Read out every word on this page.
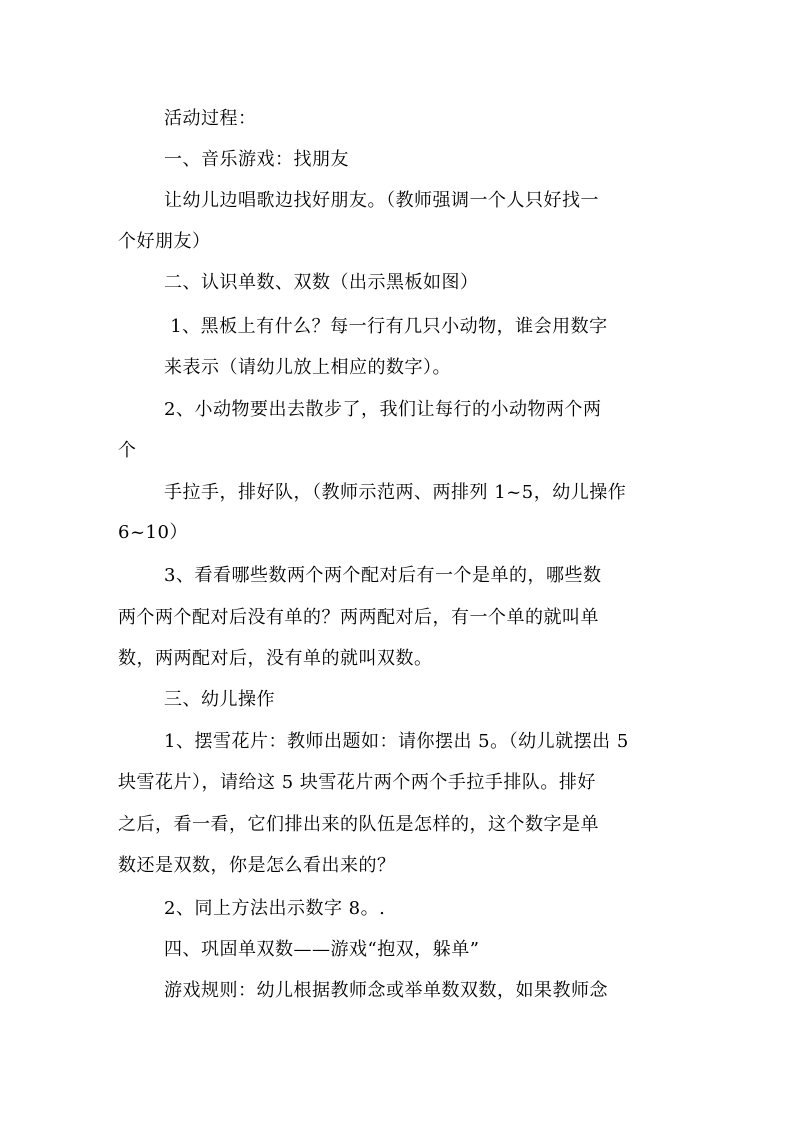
活动过程：
一、音乐游戏：找朋友
让幼儿边唱歌边找好朋友。（教师强调一个人只好找一
个好朋友）
二、认识单数、双数（出示黑板如图）
1、黑板上有什么？每一行有几只小动物，谁会用数字
来表示（请幼儿放上相应的数字）。
2、小动物要出去散步了，我们让每行的小动物两个两
个
手拉手，排好队，（教师示范两、两排列 1~5，幼儿操作
6~10）
3、看看哪些数两个两个配对后有一个是单的，哪些数
两个两个配对后没有单的？两两配对后，有一个单的就叫单
数，两两配对后，没有单的就叫双数。
三、幼儿操作
1、摆雪花片：教师出题如：请你摆出 5。（幼儿就摆出 5
块雪花片），请给这 5 块雪花片两个两个手拉手排队。排好
之后，看一看，它们排出来的队伍是怎样的，这个数字是单
数还是双数，你是怎么看出来的？
2、同上方法出示数字 8。.
四、巩固单双数——游戏“抱双，躲单”
游戏规则：幼儿根据教师念或举单数双数，如果教师念
